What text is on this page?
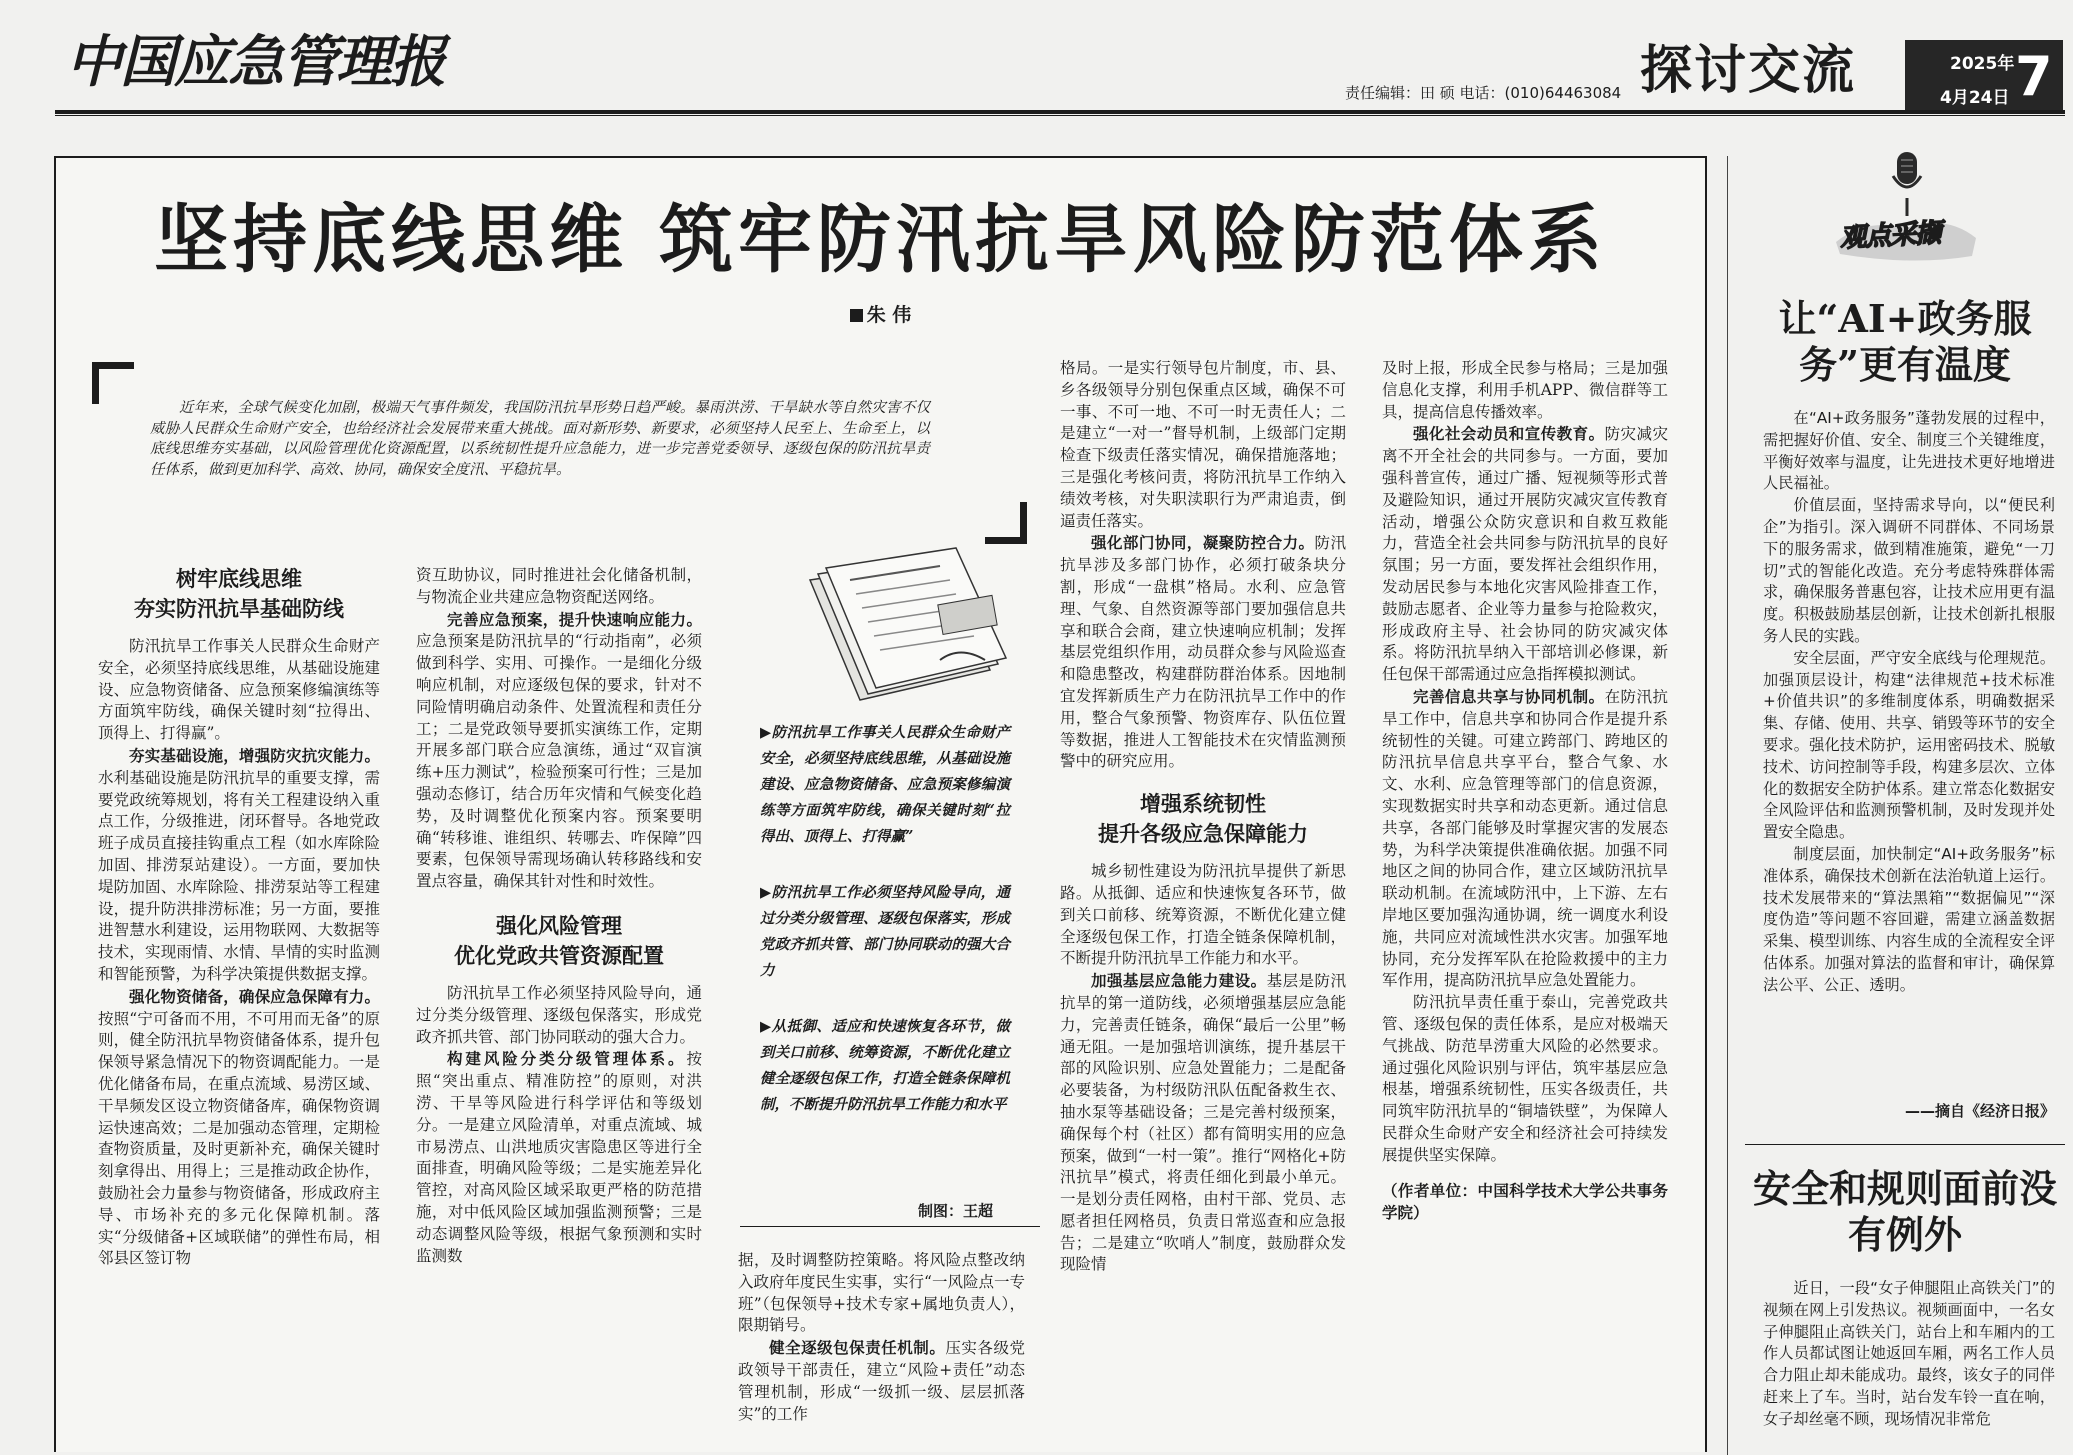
中国应急管理报	责任编辑：田 硕 电话：(010)64463084 探讨交流	2025年
4月24日 7
坚持底线思维 筑牢防汛抗旱风险防范体系
朱 伟

近年来，全球气候变化加剧，极端天气事件频发，我国防汛抗旱形势日趋严峻。暴雨洪涝、干旱缺水等自然灾害不仅威胁人民群众生命财产安全，也给经济社会发展带来重大挑战。面对新形势、新要求，必须坚持人民至上、生命至上，以底线思维夯实基础，以风险管理优化资源配置，以系统韧性提升应急能力，进一步完善党委领导、逐级包保的防汛抗旱责任体系，做到更加科学、高效、协同，确保安全度汛、平稳抗旱。

树牢底线思维
夯实防汛抗旱基础防线

防汛抗旱工作事关人民群众生命财产安全，必须坚持底线思维，从基础设施建设、应急物资储备、应急预案修编演练等方面筑牢防线，确保关键时刻“拉得出、顶得上、打得赢”。

夯实基础设施，增强防灾抗灾能力。水利基础设施是防汛抗旱的重要支撑，需要党政统筹规划，将有关工程建设纳入重点工作，分级推进，闭环督导。各地党政班子成员直接挂钩重点工程（如水库除险加固、排涝泵站建设）。一方面，要加快堤防加固、水库除险、排涝泵站等工程建设，提升防洪排涝标准；另一方面，要推进智慧水利建设，运用物联网、大数据等技术，实现雨情、水情、旱情的实时监测和智能预警，为科学决策提供数据支撑。

强化物资储备，确保应急保障有力。按照“宁可备而不用，不可用而无备”的原则，健全防汛抗旱物资储备体系，提升包保领导紧急情况下的物资调配能力。一是优化储备布局，在重点流域、易涝区域、干旱频发区设立物资储备库，确保物资调运快速高效；二是加强动态管理，定期检查物资质量，及时更新补充，确保关键时刻拿得出、用得上；三是推动政企协作，鼓励社会力量参与物资储备，形成政府主导、市场补充的多元化保障机制。落实“分级储备+区域联储”的弹性布局，相邻县区签订物

资互助协议，同时推进社会化储备机制，与物流企业共建应急物资配送网络。

完善应急预案，提升快速响应能力。应急预案是防汛抗旱的“行动指南”，必须做到科学、实用、可操作。一是细化分级响应机制，对应逐级包保的要求，针对不同险情明确启动条件、处置流程和责任分工；二是党政领导要抓实演练工作，定期开展多部门联合应急演练，通过“双盲演练+压力测试”，检验预案可行性；三是加强动态修订，结合历年灾情和气候变化趋势，及时调整优化预案内容。预案要明确“转移谁、谁组织、转哪去、咋保障”四要素，包保领导需现场确认转移路线和安置点容量，确保其针对性和时效性。

强化风险管理
优化党政共管资源配置

防汛抗旱工作必须坚持风险导向，通过分类分级管理、逐级包保落实，形成党政齐抓共管、部门协同联动的强大合力。

构建风险分类分级管理体系。按照“突出重点、精准防控”的原则，对洪涝、干旱等风险进行科学评估和等级划分。一是建立风险清单，对重点流域、城市易涝点、山洪地质灾害隐患区等进行全面排查，明确风险等级；二是实施差异化管控，对高风险区域采取更严格的防范措施，对中低风险区域加强监测预警；三是动态调整风险等级，根据气象预测和实时监测数

▶防汛抗旱工作事关人民群众生命财产安全，必须坚持底线思维，从基础设施建设、应急物资储备、应急预案修编演练等方面筑牢防线，确保关键时刻“拉得出、顶得上、打得赢”

▶防汛抗旱工作必须坚持风险导向，通过分类分级管理、逐级包保落实，形成党政齐抓共管、部门协同联动的强大合力

▶从抵御、适应和快速恢复各环节，做到关口前移、统筹资源，不断优化建立健全逐级包保工作，打造全链条保障机制，不断提升防汛抗旱工作能力和水平

制图：王超

据，及时调整防控策略。将风险点整改纳入政府年度民生实事，实行“一风险点一专班”（包保领导+技术专家+属地负责人），限期销号。

健全逐级包保责任机制。压实各级党政领导干部责任，建立“风险+责任”动态管理机制，形成“一级抓一级、层层抓落实”的工作

格局。一是实行领导包片制度，市、县、乡各级领导分别包保重点区域，确保不可一事、不可一地、不可一时无责任人；二是建立“一对一”督导机制，上级部门定期检查下级责任落实情况，确保措施落地；三是强化考核问责，将防汛抗旱工作纳入绩效考核，对失职渎职行为严肃追责，倒逼责任落实。

强化部门协同，凝聚防控合力。防汛抗旱涉及多部门协作，必须打破条块分割，形成“一盘棋”格局。水利、应急管理、气象、自然资源等部门要加强信息共享和联合会商，建立快速响应机制；发挥基层党组织作用，动员群众参与风险巡查和隐患整改，构建群防群治体系。因地制宜发挥新质生产力在防汛抗旱工作中的作用，整合气象预警、物资库存、队伍位置等数据，推进人工智能技术在灾情监测预警中的研究应用。

增强系统韧性
提升各级应急保障能力

城乡韧性建设为防汛抗旱提供了新思路。从抵御、适应和快速恢复各环节，做到关口前移、统筹资源，不断优化建立健全逐级包保工作，打造全链条保障机制，不断提升防汛抗旱工作能力和水平。

加强基层应急能力建设。基层是防汛抗旱的第一道防线，必须增强基层应急能力，完善责任链条，确保“最后一公里”畅通无阻。一是加强培训演练，提升基层干部的风险识别、应急处置能力；二是配备必要装备，为村级防汛队伍配备救生衣、抽水泵等基础设备；三是完善村级预案，确保每个村（社区）都有简明实用的应急预案，做到“一村一策”。推行“网格化+防汛抗旱”模式，将责任细化到最小单元。一是划分责任网格，由村干部、党员、志愿者担任网格员，负责日常巡查和应急报告；二是建立“吹哨人”制度，鼓励群众发现险情

及时上报，形成全民参与格局；三是加强信息化支撑，利用手机APP、微信群等工具，提高信息传播效率。

强化社会动员和宣传教育。防灾减灾离不开全社会的共同参与。一方面，要加强科普宣传，通过广播、短视频等形式普及避险知识，通过开展防灾减灾宣传教育活动，增强公众防灾意识和自救互救能力，营造全社会共同参与防汛抗旱的良好氛围；另一方面，要发挥社会组织作用，发动居民参与本地化灾害风险排查工作，鼓励志愿者、企业等力量参与抢险救灾，形成政府主导、社会协同的防灾减灾体系。将防汛抗旱纳入干部培训必修课，新任包保干部需通过应急指挥模拟测试。

完善信息共享与协同机制。在防汛抗旱工作中，信息共享和协同合作是提升系统韧性的关键。可建立跨部门、跨地区的防汛抗旱信息共享平台，整合气象、水文、水利、应急管理等部门的信息资源，实现数据实时共享和动态更新。通过信息共享，各部门能够及时掌握灾害的发展态势，为科学决策提供准确依据。加强不同地区之间的协同合作，建立区域防汛抗旱联动机制。在流域防汛中，上下游、左右岸地区要加强沟通协调，统一调度水利设施，共同应对流域性洪水灾害。加强军地协同，充分发挥军队在抢险救援中的主力军作用，提高防汛抗旱应急处置能力。

防汛抗旱责任重于泰山，完善党政共管、逐级包保的责任体系，是应对极端天气挑战、防范旱涝重大风险的必然要求。通过强化风险识别与评估，筑牢基层应急根基，增强系统韧性，压实各级责任，共同筑牢防汛抗旱的“铜墙铁壁”，为保障人民群众生命财产安全和经济社会可持续发展提供坚实保障。

（作者单位：中国科学技术大学公共事务学院）

观点采撷
让“AI+政务服务”更有温度

在“AI+政务服务”蓬勃发展的过程中，需把握好价值、安全、制度三个关键维度，平衡好效率与温度，让先进技术更好地增进人民福祉。

价值层面，坚持需求导向，以“便民利企”为指引。深入调研不同群体、不同场景下的服务需求，做到精准施策，避免“一刀切”式的智能化改造。充分考虑特殊群体需求，确保服务普惠包容，让技术应用更有温度。积极鼓励基层创新，让技术创新扎根服务人民的实践。

安全层面，严守安全底线与伦理规范。加强顶层设计，构建“法律规范+技术标准+价值共识”的多维制度体系，明确数据采集、存储、使用、共享、销毁等环节的安全要求。强化技术防护，运用密码技术、脱敏技术、访问控制等手段，构建多层次、立体化的数据安全防护体系。建立常态化数据安全风险评估和监测预警机制，及时发现并处置安全隐患。

制度层面，加快制定“AI+政务服务”标准体系，确保技术创新在法治轨道上运行。技术发展带来的“算法黑箱”“数据偏见”“深度伪造”等问题不容回避，需建立涵盖数据采集、模型训练、内容生成的全流程安全评估体系。加强对算法的监督和审计，确保算法公平、公正、透明。

——摘自《经济日报》
安全和规则面前没有例外

近日，一段“女子伸腿阻止高铁关门”的视频在网上引发热议。视频画面中，一名女子伸腿阻止高铁关门，站台上和车厢内的工作人员都试图让她返回车厢，两名工作人员合力阻止却未能成功。最终，该女子的同伴赶来上了车。当时，站台发车铃一直在响，女子却丝毫不顾，现场情况非常危
